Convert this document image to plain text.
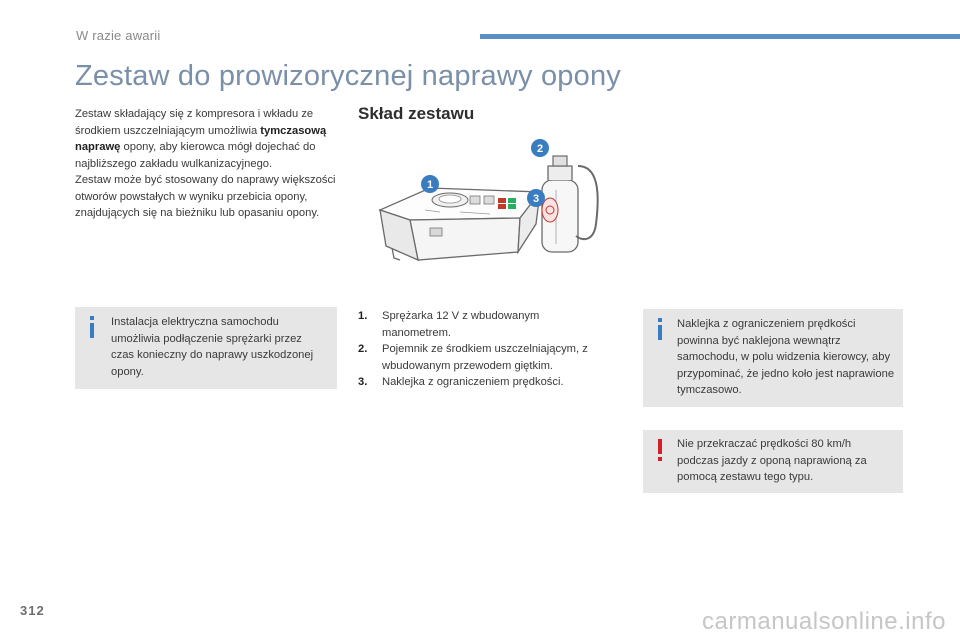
W razie awarii
Zestaw do prowizorycznej naprawy opony

Zestaw składający się z kompresora i wkładu ze środkiem uszczelniającym umożliwia tymczasową naprawę opony, aby kierowca mógł dojechać do najbliższego zakładu wulkanizacyjnego.

Zestaw może być stosowany do naprawy większości otworów powstałych w wyniku przebicia opony, znajdujących się na bieżniku lub opasaniu opony.

Instalacja elektryczna samochodu umożliwia podłączenie sprężarki przez czas konieczny do naprawy uszkodzonej opony.
Skład zestawu
1
2
3
1. Sprężarka 12 V z wbudowanym manometrem.
2. Pojemnik ze środkiem uszczelniającym, z wbudowanym przewodem giętkim.
3. Naklejka z ograniczeniem prędkości.
Naklejka z ograniczeniem prędkości powinna być naklejona wewnątrz samochodu, w polu widzenia kierowcy, aby przypominać, że jedno koło jest naprawione tymczasowo.
Nie przekraczać prędkości 80 km/h podczas jazdy z oponą naprawioną za pomocą zestawu tego typu.
312	carmanualsonline.info
